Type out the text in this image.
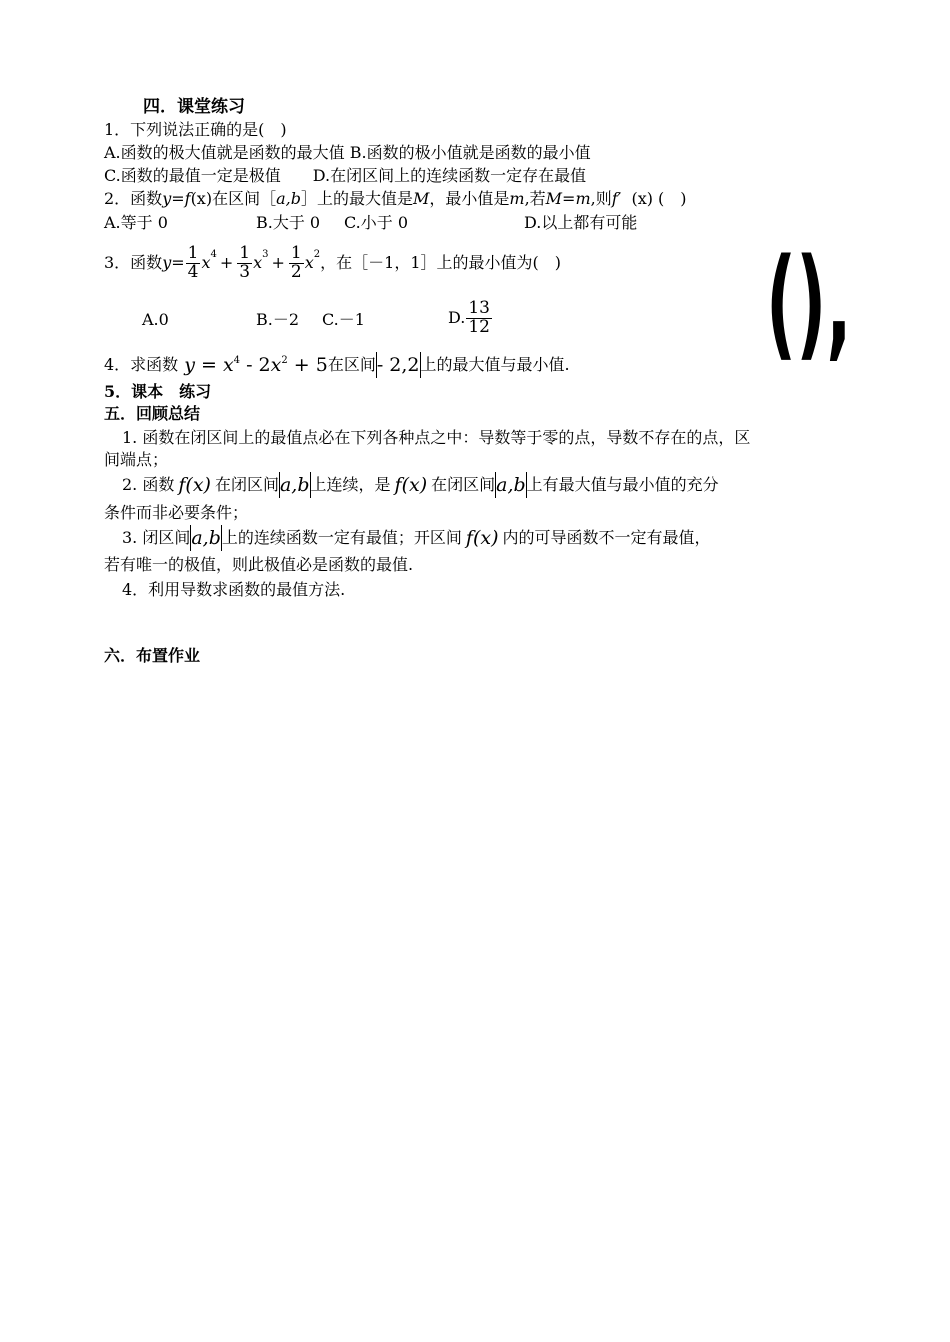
四．课堂练习
1．下列说法正确的是(　)
A.函数的极大值就是函数的最大值 B.函数的极小值就是函数的最小值
C.函数的最值一定是极值　　D.在闭区间上的连续函数一定存在最值
2．函数y=f(x)在区间［a,b］上的最大值是M，最小值是m,若M=m,则f′ (x) (　)
A.等于 0	B.大于 0 C.小于 0	D.以上都有可能
3．函数 $y = \frac{1}{4}$ x $4 + \frac{1}{3}$ x $3 + \frac{1}{2}$ x 2 ，在［－1，1］上的最小值为(　)
A.0	B.－2 C.－1	D. $\frac{13}{12}$ (),
4．求函数 $y = x^4 - 2x^2 + 5$ 在区间 - 2,2 上的最大值与最小值.
5．课本　练习
五．回顾总结
1. 函数在闭区间上的最值点必在下列各种点之中：导数等于零的点，导数不存在的点，区
间端点；
2. 函数 f(x) 在闭区间 a,b 上连续，是 f(x) 在闭区间 a,b 上有最大值与最小值的充分
条件而非必要条件；
3. 闭区间 a,b 上的连续函数一定有最值；开区间 f(x) 内的可导函数不一定有最值，
若有唯一的极值，则此极值必是函数的最值.
4．利用导数求函数的最值方法.
六．布置作业
